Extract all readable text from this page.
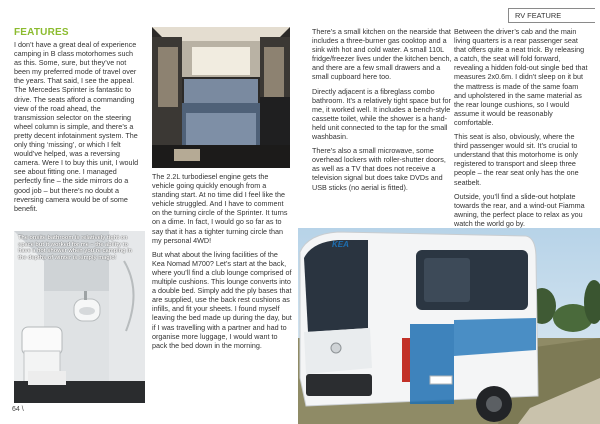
RV FEATURE
FEATURES

I don’t have a great deal of experience camping in B class motorhomes such as this. Some, sure, but they’ve not been my preferred mode of travel over the years. That said, I see the appeal. The Mercedes Sprinter is fantastic to drive. The seats afford a commanding view of the road ahead, the transmission selector on the steering wheel column is simple, and there’s a pretty decent infotainment system. The only thing ‘missing’, or which I felt would’ve helped, was a reversing camera. Were I to buy this unit, I would see about fitting one. I managed perfectly fine – the side mirrors do a good job – but there’s no doubt a reversing camera would be of some benefit.

The onsite bathroom is relatively tight on space but it worked for me – the ability to have a hot shower when you’re camping in the depths of winter is simply magic!

The 2.2L turbodiesel engine gets the vehicle going quickly enough from a standing start. At no time did I feel like the vehicle struggled. And I have to comment on the turning circle of the Sprinter. It turns on a dime. In fact, I would go so far as to say that it has a tighter turning circle than my personal 4WD!

But what about the living facilities of the Kea Nomad M700? Let’s start at the back, where you’ll find a club lounge comprised of multiple cushions. This lounge converts into a double bed. Simply add the ply bases that are supplied, use the back rest cushions as infills, and fit your sheets. I found myself leaving the bed made up during the day, but if I was travelling with a partner and had to organise more luggage, I would want to pack the bed down in the morning.

There’s a small kitchen on the nearside that includes a three-burner gas cooktop and a sink with hot and cold water. A small 110L fridge/freezer lives under the kitchen bench, and there are a few small drawers and a small cupboard here too.

Directly adjacent is a fibreglass combo bathroom. It’s a relatively tight space but for me, it worked well. It includes a bench-style cassette toilet, while the shower is a hand-held unit connected to the tap for the small washbasin.

There’s also a small microwave, some overhead lockers with roller-shutter doors, as well as a TV that does not receive a television signal but does take DVDs and USB sticks (no aerial is fitted).

Between the driver’s cab and the main living quarters is a rear passenger seat that offers quite a neat trick. By releasing a catch, the seat will fold forward, revealing a hidden fold-out single bed that measures 2x0.6m. I didn’t sleep on it but the mattress is made of the same foam and upholstered in the same material as the rear lounge cushions, so I would assume it would be reasonably comfortable.

This seat is also, obviously, where the third passenger would sit. It’s crucial to understand that this motorhome is only registered to transport and sleep three people – the rear seat only has the one seatbelt.

Outside, you’ll find a slide-out hotplate towards the rear, and a wind-out Fiamma awning, the perfect place to relax as you watch the world go by.

KEA
64 \
